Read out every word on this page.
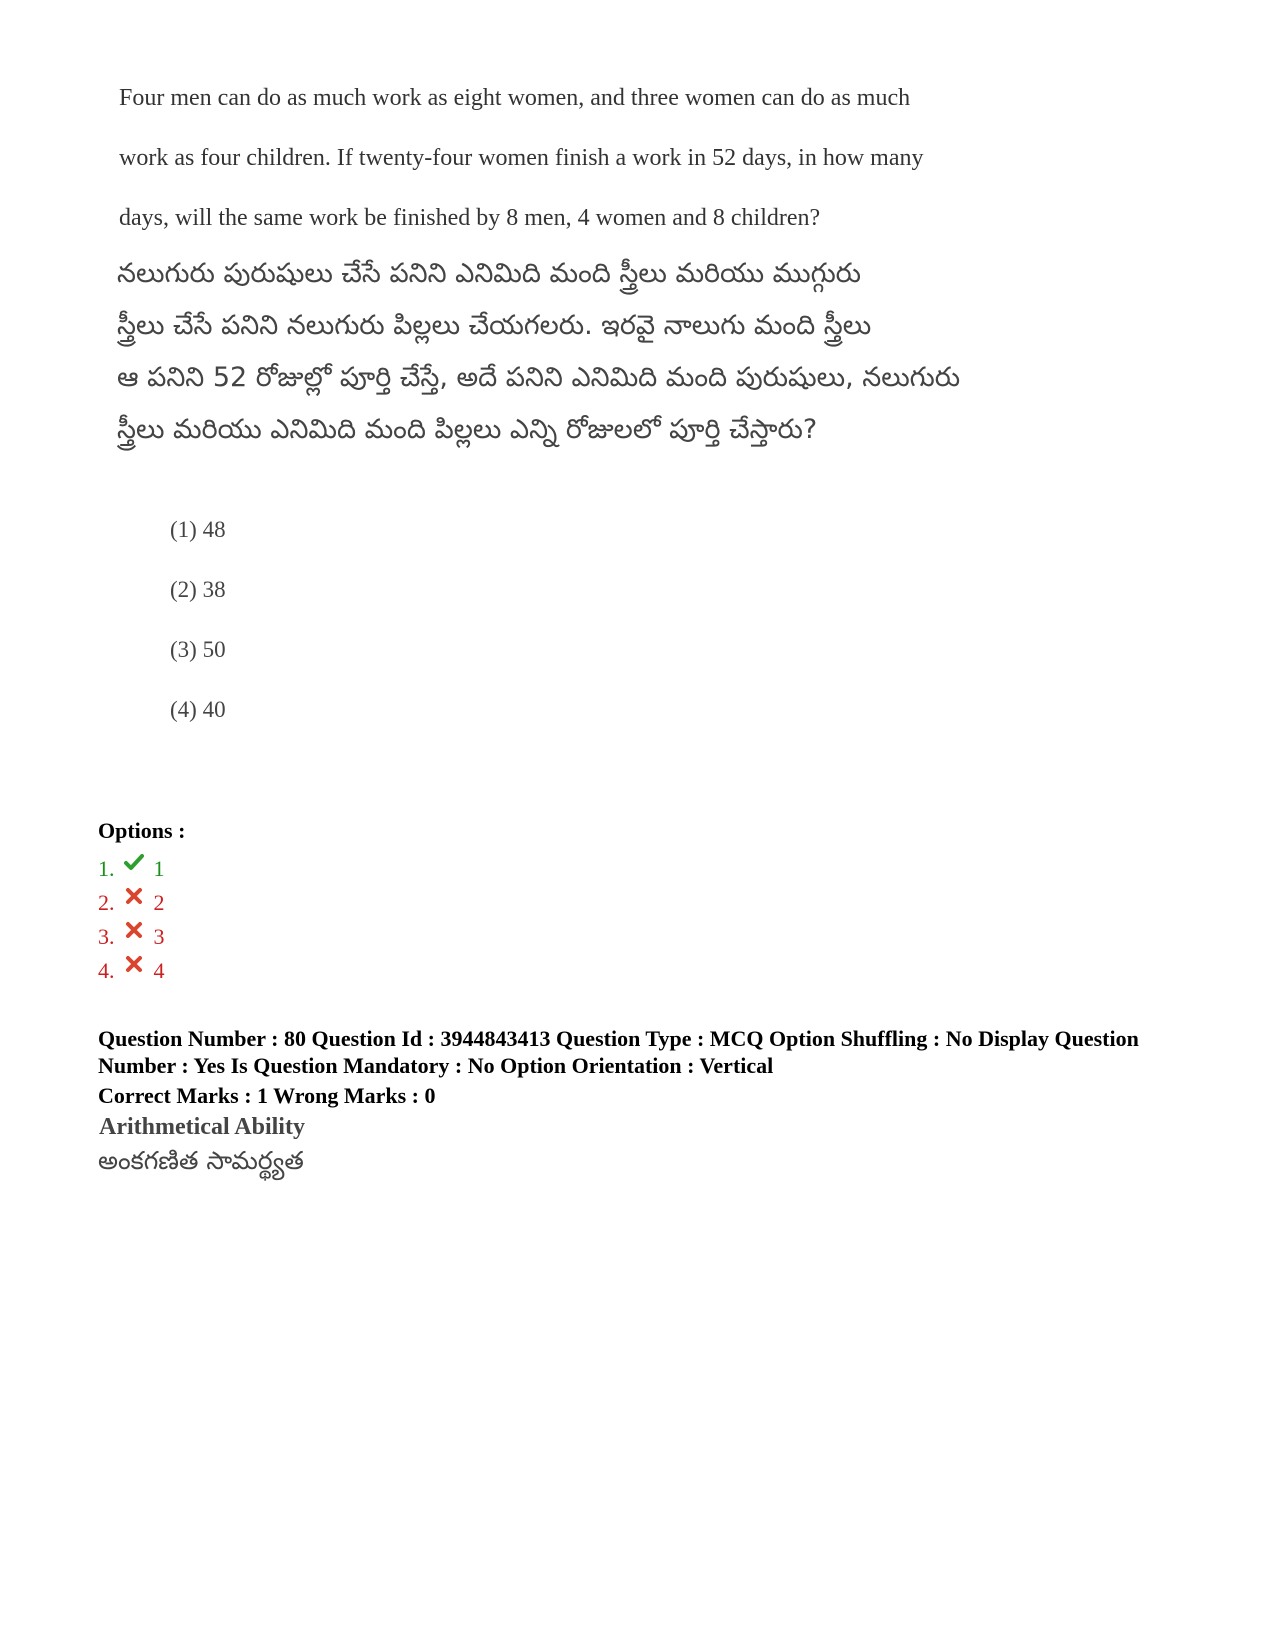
Four men can do as much work as eight women, and three women can do as much
work as four children. If twenty-four women finish a work in 52 days, in how many
days, will the same work be finished by 8 men, 4 women and 8 children?
నలుగురు పురుషులు చేసే పనిని ఎనిమిది మంది స్త్రీలు మరియు ముగ్గురు
స్త్రీలు చేసే పనిని నలుగురు పిల్లలు చేయగలరు. ఇరవై నాలుగు మంది స్త్రీలు
ఆ పనిని 52 రోజుల్లో పూర్తి చేస్తే, అదే పనిని ఎనిమిది మంది పురుషులు, నలుగురు
స్త్రీలు మరియు ఎనిమిది మంది పిల్లలు ఎన్ని రోజులలో పూర్తి చేస్తారు?
(1) 48
(2) 38
(3) 50
(4) 40
Options :
1. 1
2. 2
3. 3
4. 4
Question Number : 80 Question Id : 3944843413 Question Type : MCQ Option Shuffling : No Display Question
Number : Yes Is Question Mandatory : No Option Orientation : Vertical
Correct Marks : 1 Wrong Marks : 0
Arithmetical Ability
అంకగణిత సామర్థ్యత
